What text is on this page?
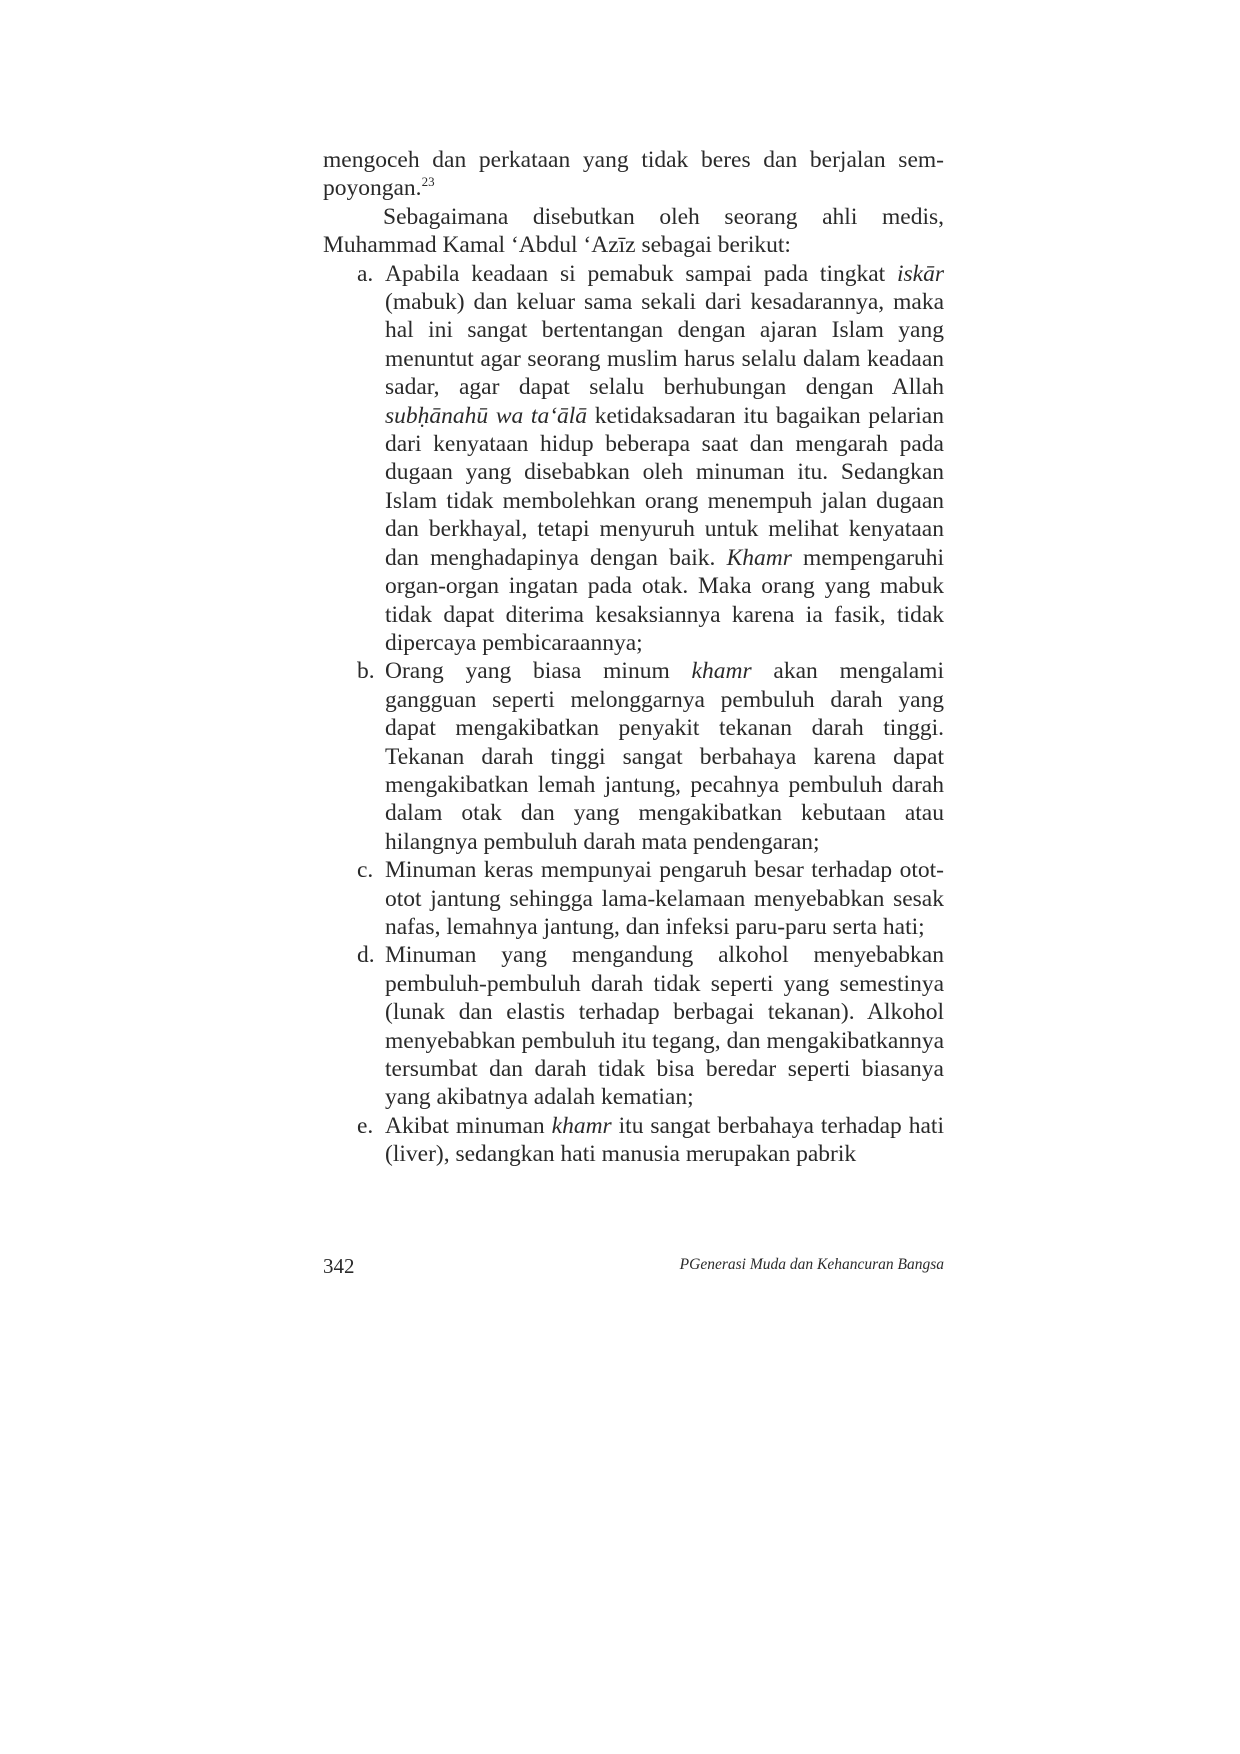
mengoceh dan perkataan yang tidak beres dan berjalan sempoyongan.$^{23}$

Sebagaimana disebutkan oleh seorang ahli medis, Muhammad Kamal ‘Abdul ‘Azīz sebagai berikut:

a. Apabila keadaan si pemabuk sampai pada tingkat iskār (mabuk) dan keluar sama sekali dari kesadarannya, maka hal ini sangat bertentangan dengan ajaran Islam yang menuntut agar seorang muslim harus selalu dalam keadaan sadar, agar dapat selalu berhubungan dengan Allah subḥānahū wa ta‘ālā ketidaksadaran itu bagaikan pelarian dari kenyataan hidup beberapa saat dan mengarah pada dugaan yang disebabkan oleh minuman itu. Sedangkan Islam tidak membolehkan orang menempuh jalan dugaan dan berkhayal, tetapi menyuruh untuk melihat kenyataan dan menghadapinya dengan baik. Khamr mempengaruhi organ-organ ingatan pada otak. Maka orang yang mabuk tidak dapat diterima kesaksiannya karena ia fasik, tidak dipercaya pembicaraannya;
b. Orang yang biasa minum khamr akan mengalami gangguan seperti melonggarnya pembuluh darah yang dapat mengakibatkan penyakit tekanan darah tinggi. Tekanan darah tinggi sangat berbahaya karena dapat mengakibatkan lemah jantung, pecahnya pembuluh darah dalam otak dan yang mengakibatkan kebutaan atau hilangnya pembuluh darah mata pendengaran;
c. Minuman keras mempunyai pengaruh besar terhadap otot-otot jantung sehingga lama-kelamaan menyebabkan sesak nafas, lemahnya jantung, dan infeksi paru-paru serta hati;
d. Minuman yang mengandung alkohol menyebabkan pembuluh-pembuluh darah tidak seperti yang semestinya (lunak dan elastis terhadap berbagai tekanan). Alkohol menyebabkan pembuluh itu tegang, dan mengakibatkannya tersumbat dan darah tidak bisa beredar seperti biasanya yang akibatnya adalah kematian;
e. Akibat minuman khamr itu sangat berbahaya terhadap hati (liver), sedangkan hati manusia merupakan pabrik
342	PGenerasi Muda dan Kehancuran Bangsa
